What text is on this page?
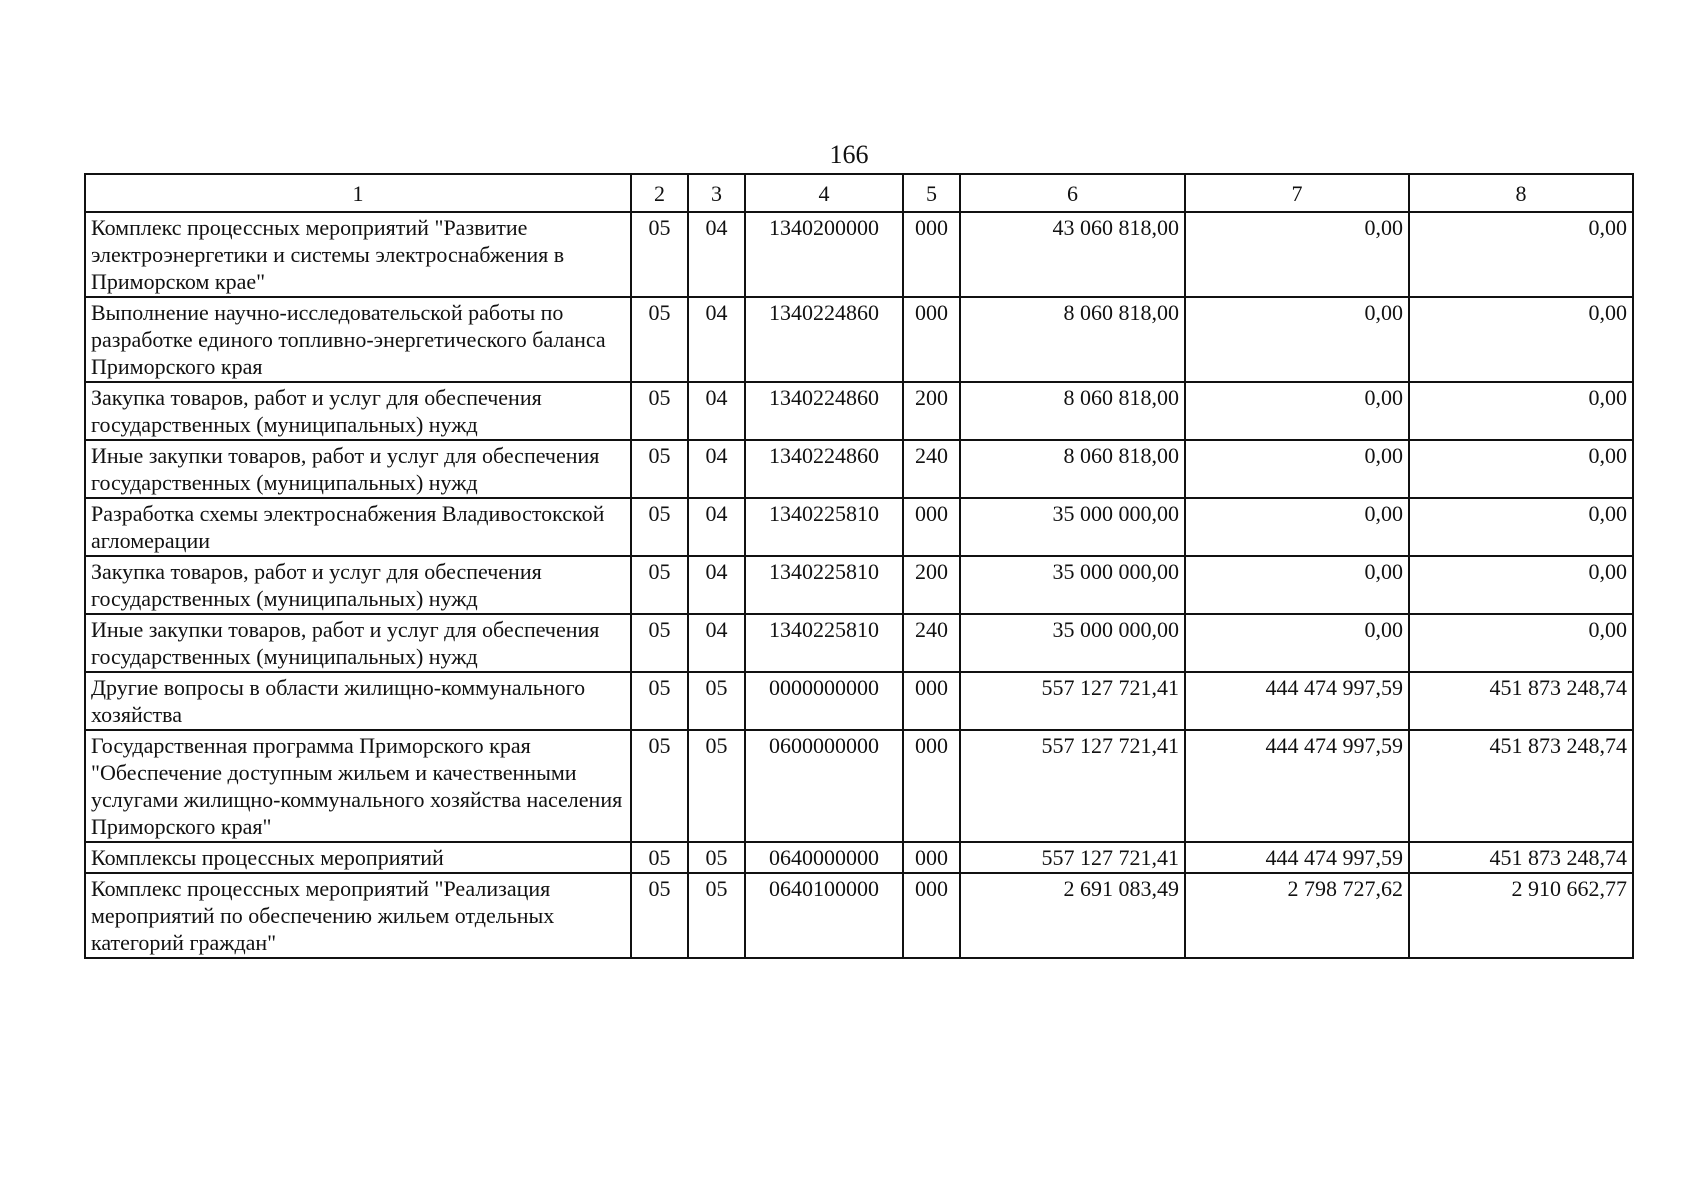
166
1	2	3	4	5	6	7	8
Комплекс процессных мероприятий "Развитие электроэнергетики и системы электроснабжения в Приморском крае"	05	04	1340200000	000	43 060 818,00	0,00	0,00
Выполнение научно-исследовательской работы по разработке единого топливно-энергетического баланса Приморского края	05	04	1340224860	000	8 060 818,00	0,00	0,00
Закупка товаров, работ и услуг для обеспечения государственных (муниципальных) нужд	05	04	1340224860	200	8 060 818,00	0,00	0,00
Иные закупки товаров, работ и услуг для обеспечения государственных (муниципальных) нужд	05	04	1340224860	240	8 060 818,00	0,00	0,00
Разработка схемы электроснабжения Владивостокской агломерации	05	04	1340225810	000	35 000 000,00	0,00	0,00
Закупка товаров, работ и услуг для обеспечения государственных (муниципальных) нужд	05	04	1340225810	200	35 000 000,00	0,00	0,00
Иные закупки товаров, работ и услуг для обеспечения государственных (муниципальных) нужд	05	04	1340225810	240	35 000 000,00	0,00	0,00
Другие вопросы в области жилищно-коммунального хозяйства	05	05	0000000000	000	557 127 721,41	444 474 997,59	451 873 248,74
Государственная программа Приморского края "Обеспечение доступным жильем и качественными услугами жилищно-коммунального хозяйства населения Приморского края"	05	05	0600000000	000	557 127 721,41	444 474 997,59	451 873 248,74
Комплексы процессных мероприятий	05	05	0640000000	000	557 127 721,41	444 474 997,59	451 873 248,74
Комплекс процессных мероприятий "Реализация мероприятий по обеспечению жильем отдельных категорий граждан"	05	05	0640100000	000	2 691 083,49	2 798 727,62	2 910 662,77
